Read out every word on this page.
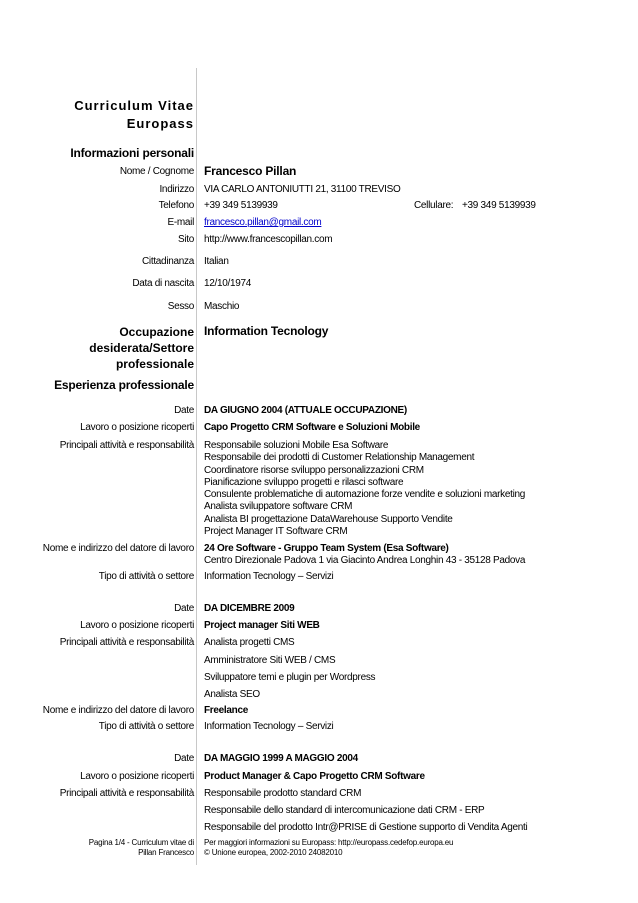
Curriculum Vitae
Europass
Informazioni personali
Nome / Cognome Francesco Pillan
Indirizzo VIA CARLO ANTONIUTTI 21, 31100 TREVISO
Telefono +39 349 5139939	Cellulare: +39 349 5139939
E-mail francesco.pillan@gmail.com
Sito http://www.francescopillan.com
Cittadinanza Italian
Data di nascita 12/10/1974
Sesso Maschio
Occupazione
desiderata/Settore
professionale
Information Tecnology
Esperienza professionale
Date DA GIUGNO 2004 (ATTUALE OCCUPAZIONE)
Lavoro o posizione ricoperti Capo Progetto CRM Software e Soluzioni Mobile
Principali attività e responsabilità Responsabile soluzioni Mobile Esa Software
Responsabile dei prodotti di Customer Relationship Management
Coordinatore risorse sviluppo personalizzazioni CRM
Pianificazione sviluppo progetti e rilasci software
Consulente problematiche di automazione forze vendite e soluzioni marketing
Analista sviluppatore software CRM
Analista BI progettazione DataWarehouse Supporto Vendite
Project Manager IT Software CRM
Nome e indirizzo del datore di lavoro 24 Ore Software - Gruppo Team System (Esa Software)
Centro Direzionale Padova 1 via Giacinto Andrea Longhin 43 - 35128 Padova
Tipo di attività o settore Information Tecnology – Servizi
Date DA DICEMBRE 2009
Lavoro o posizione ricoperti Project manager Siti WEB
Principali attività e responsabilità Analista progetti CMS
Amministratore Siti WEB / CMS
Sviluppatore temi e plugin per Wordpress
Analista SEO
Nome e indirizzo del datore di lavoro Freelance
Tipo di attività o settore Information Tecnology – Servizi
Date DA MAGGIO 1999 A MAGGIO 2004
Lavoro o posizione ricoperti Product Manager & Capo Progetto CRM Software
Principali attività e responsabilità Responsabile prodotto standard CRM
Responsabile dello standard di intercomunicazione dati CRM - ERP
Responsabile del prodotto Intr@PRISE di Gestione supporto di Vendita Agenti
Pagina 1/4 - Curriculum vitae di
Pillan Francesco
Per maggiori informazioni su Europass: http://europass.cedefop.europa.eu
© Unione europea, 2002-2010 24082010
